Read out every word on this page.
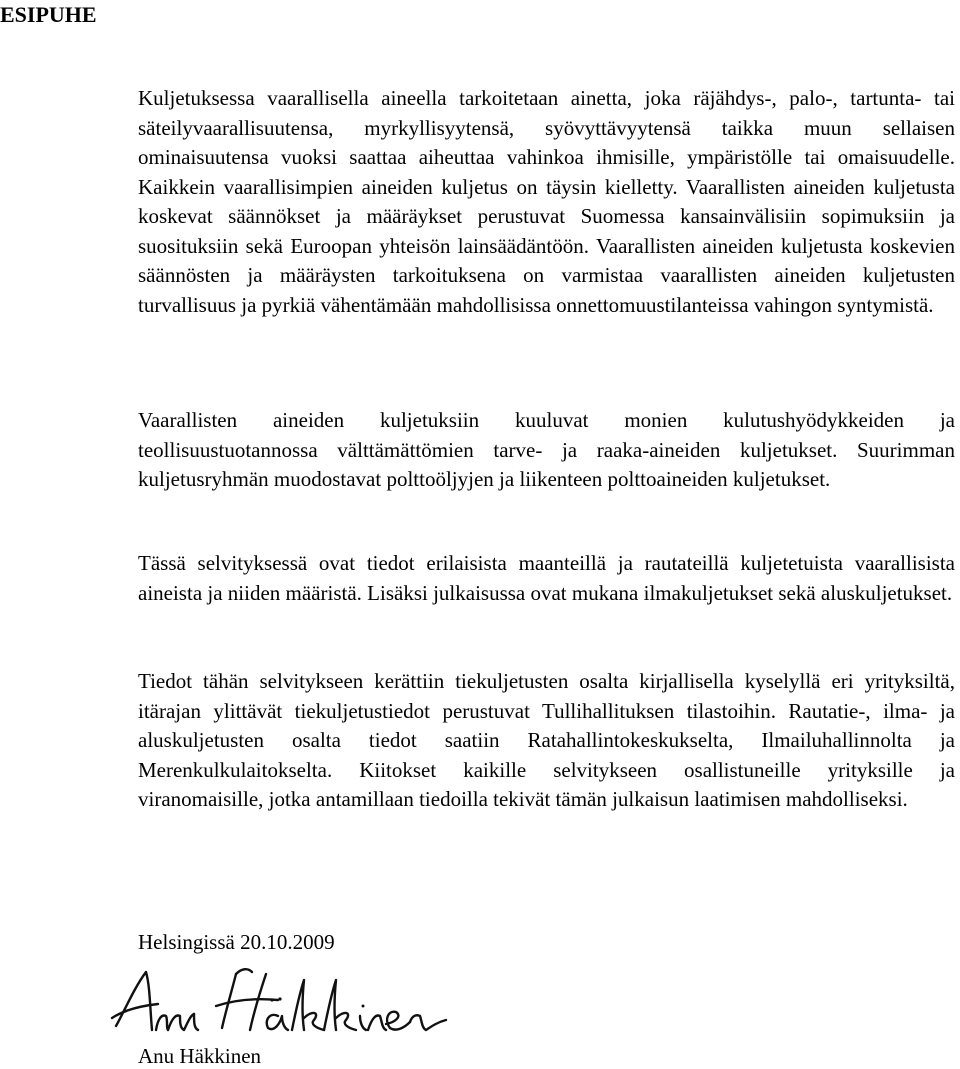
ESIPUHE

Kuljetuksessa vaarallisella aineella tarkoitetaan ainetta, joka räjähdys-, palo-, tartunta- tai säteilyvaarallisuutensa, myrkyllisyytensä, syövyttävyytensä taikka muun sellaisen ominaisuutensa vuoksi saattaa aiheuttaa vahinkoa ihmisille, ympäristölle tai omaisuudelle. Kaikkein vaarallisimpien aineiden kuljetus on täysin kielletty. Vaarallisten aineiden kuljetusta koskevat säännökset ja määräykset perustuvat Suomessa kansainvälisiin sopimuksiin ja suosituksiin sekä Euroopan yhteisön lainsäädäntöön. Vaarallisten aineiden kuljetusta koskevien säännösten ja määräysten tarkoituksena on varmistaa vaarallisten aineiden kuljetusten turvallisuus ja pyrkiä vähentämään mahdollisissa onnettomuustilanteissa vahingon syntymistä.

Vaarallisten aineiden kuljetuksiin kuuluvat monien kulutushyödykkeiden ja teollisuustuotannossa välttämättömien tarve- ja raaka-aineiden kuljetukset. Suurimman kuljetusryhmän muodostavat polttoöljyjen ja liikenteen polttoaineiden kuljetukset.

Tässä selvityksessä ovat tiedot erilaisista maanteillä ja rautateillä kuljetetuista vaarallisista aineista ja niiden määristä. Lisäksi julkaisussa ovat mukana ilmakuljetukset sekä aluskuljetukset.

Tiedot tähän selvitykseen kerättiin tiekuljetusten osalta kirjallisella kyselyllä eri yrityksiltä, itärajan ylittävät tiekuljetustiedot perustuvat Tullihallituksen tilastoihin. Rautatie-, ilma- ja aluskuljetusten osalta tiedot saatiin Ratahallintokeskukselta, Ilmailuhallinnolta ja Merenkulkulaitokselta. Kiitokset kaikille selvitykseen osallistuneille yrityksille ja viranomaisille, jotka antamillaan tiedoilla tekivät tämän julkaisun laatimisen mahdolliseksi.

Helsingissä 20.10.2009

Anu Häkkinen
